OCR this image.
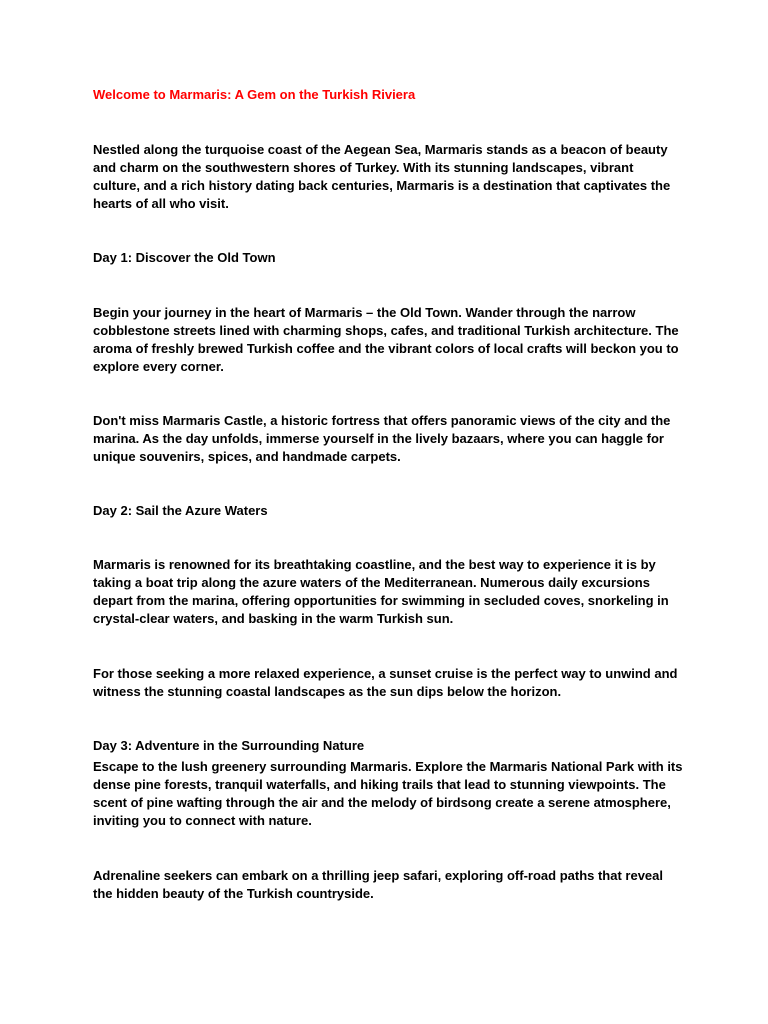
Welcome to Marmaris: A Gem on the Turkish Riviera

Nestled along the turquoise coast of the Aegean Sea, Marmaris stands as a beacon of beauty and charm on the southwestern shores of Turkey. With its stunning landscapes, vibrant culture, and a rich history dating back centuries, Marmaris is a destination that captivates the hearts of all who visit.

Day 1: Discover the Old Town

Begin your journey in the heart of Marmaris – the Old Town. Wander through the narrow cobblestone streets lined with charming shops, cafes, and traditional Turkish architecture. The aroma of freshly brewed Turkish coffee and the vibrant colors of local crafts will beckon you to explore every corner.

Don't miss Marmaris Castle, a historic fortress that offers panoramic views of the city and the marina. As the day unfolds, immerse yourself in the lively bazaars, where you can haggle for unique souvenirs, spices, and handmade carpets.

Day 2: Sail the Azure Waters

Marmaris is renowned for its breathtaking coastline, and the best way to experience it is by taking a boat trip along the azure waters of the Mediterranean. Numerous daily excursions depart from the marina, offering opportunities for swimming in secluded coves, snorkeling in crystal-clear waters, and basking in the warm Turkish sun.

For those seeking a more relaxed experience, a sunset cruise is the perfect way to unwind and witness the stunning coastal landscapes as the sun dips below the horizon.

Day 3: Adventure in the Surrounding Nature

Escape to the lush greenery surrounding Marmaris. Explore the Marmaris National Park with its dense pine forests, tranquil waterfalls, and hiking trails that lead to stunning viewpoints. The scent of pine wafting through the air and the melody of birdsong create a serene atmosphere, inviting you to connect with nature.

Adrenaline seekers can embark on a thrilling jeep safari, exploring off-road paths that reveal the hidden beauty of the Turkish countryside.
